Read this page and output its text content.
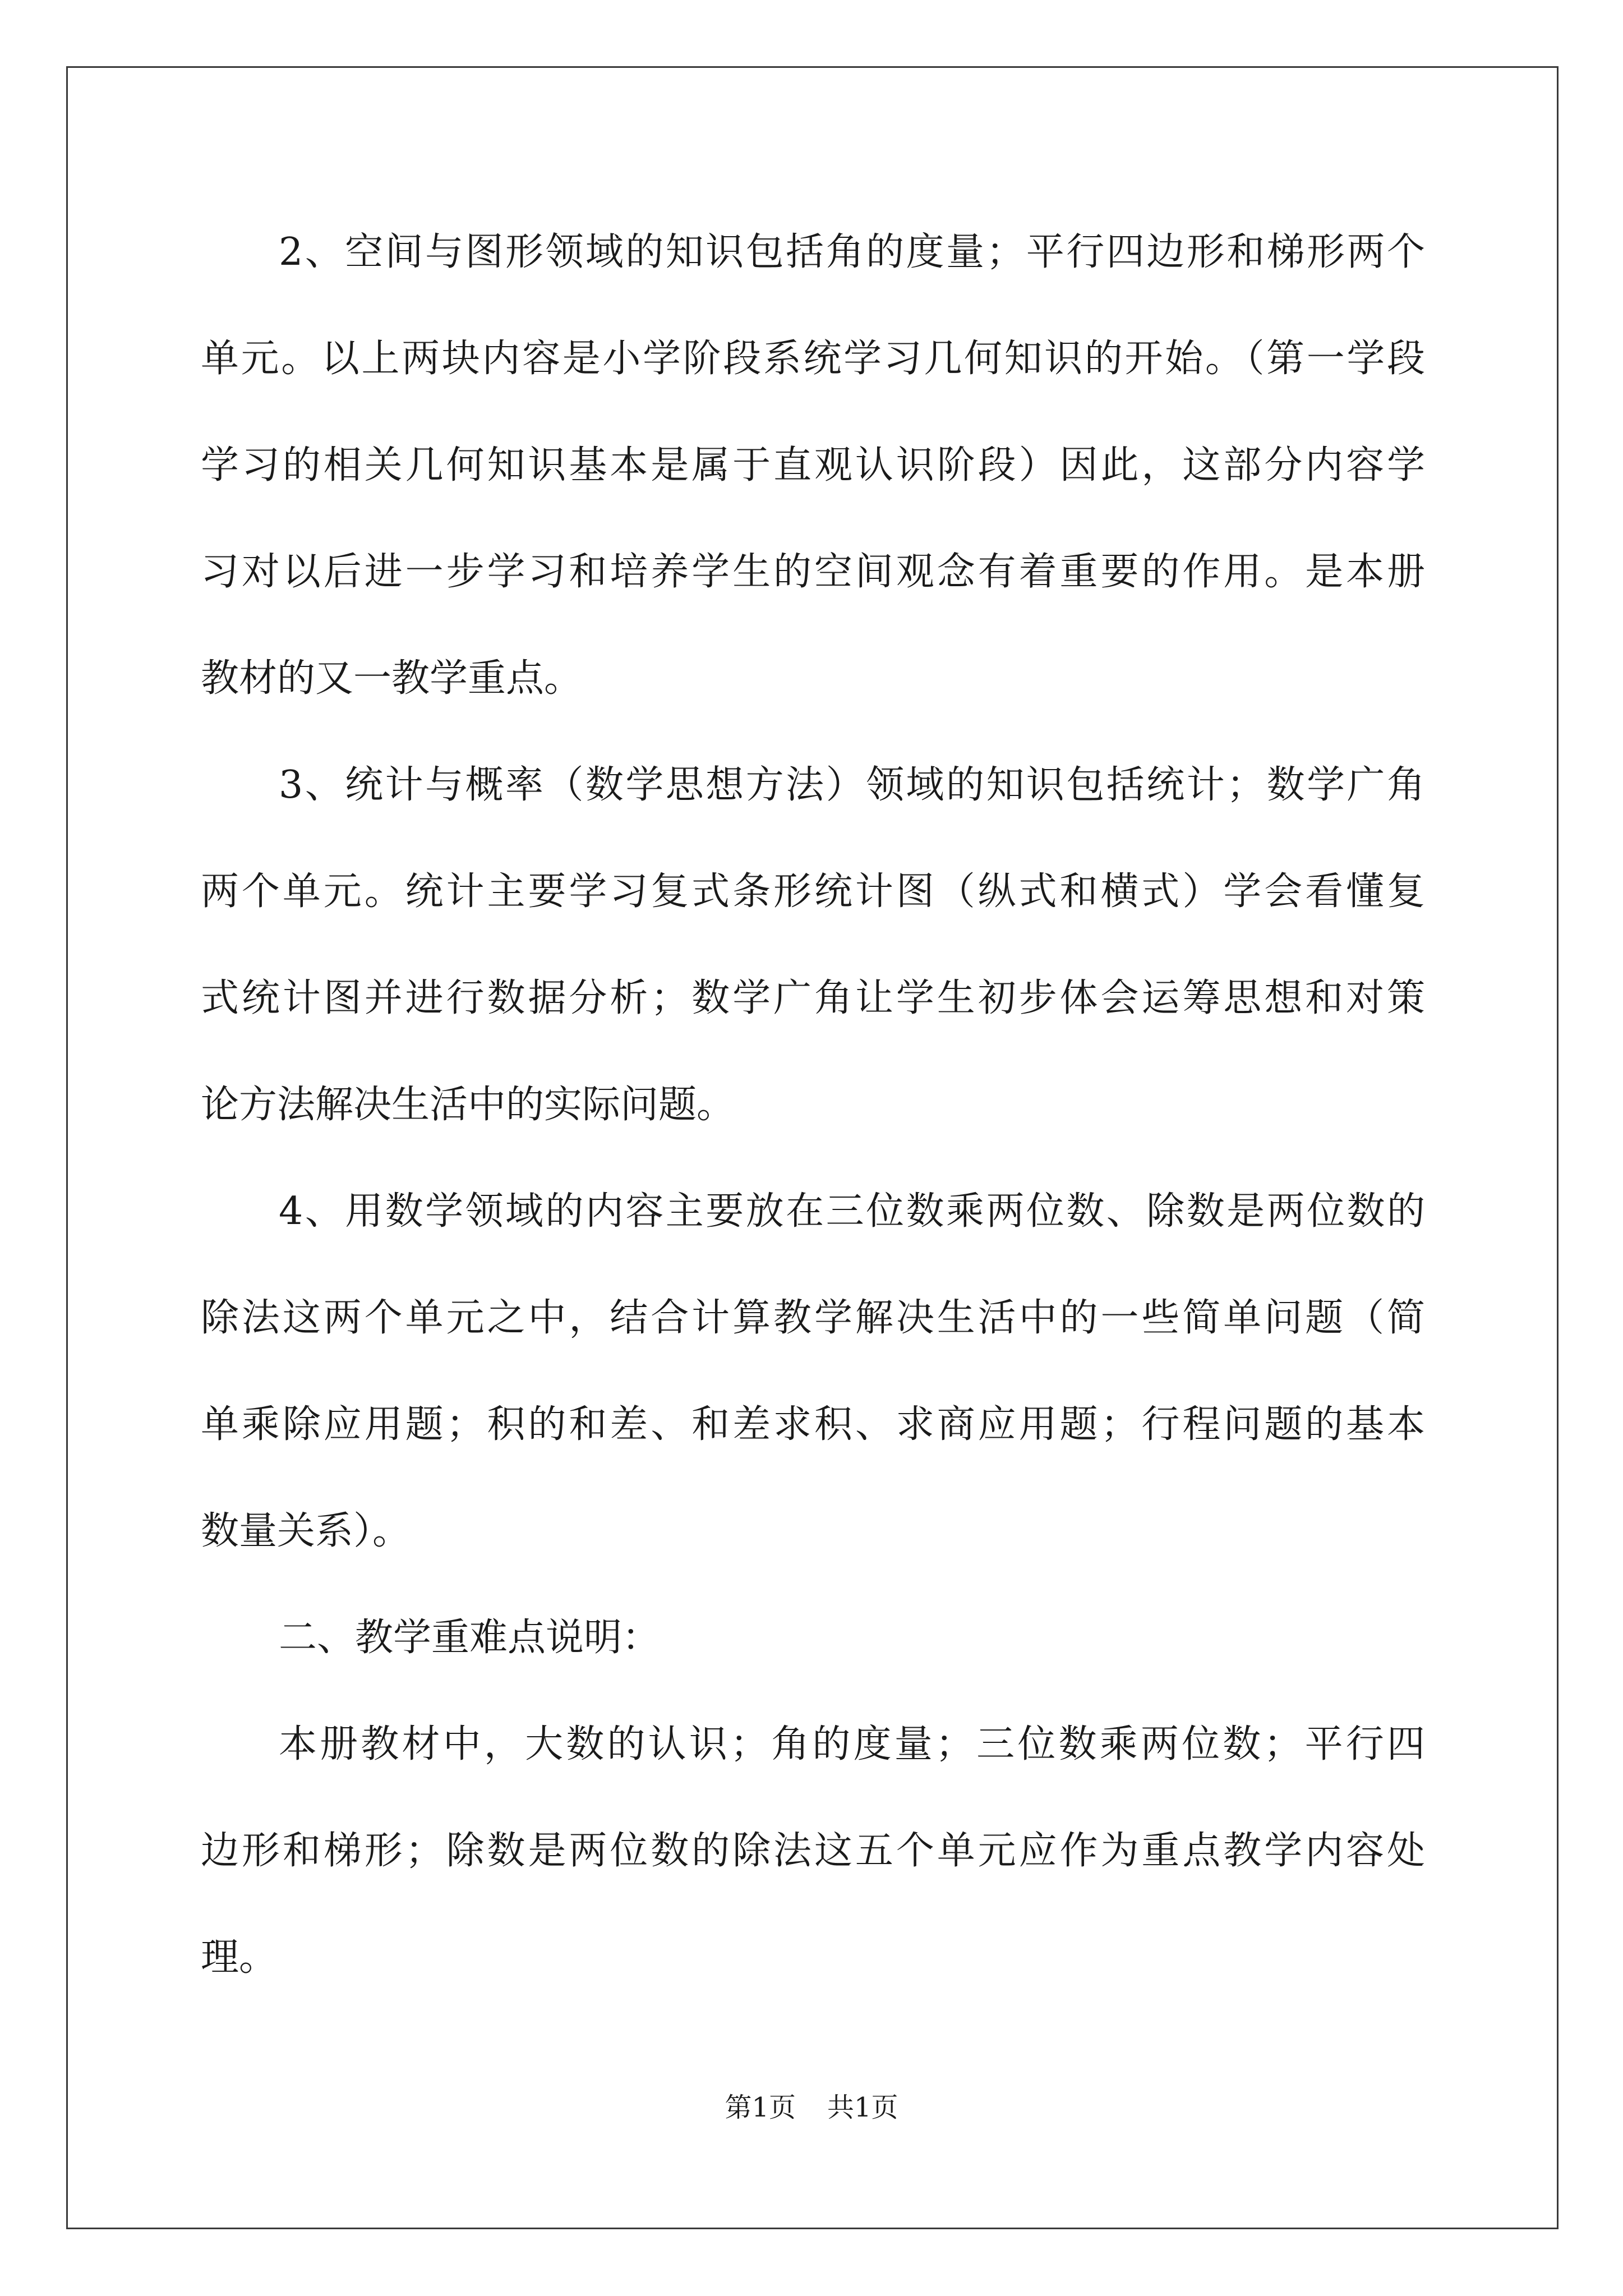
2、空间与图形领域的知识包括角的度量；平行四边形和梯形两个
单元。以上两块内容是小学阶段系统学习几何知识的开始。（第一学段
学习的相关几何知识基本是属于直观认识阶段）因此，这部分内容学
习对以后进一步学习和培养学生的空间观念有着重要的作用。是本册
教材的又一教学重点。
3、统计与概率（数学思想方法）领域的知识包括统计；数学广角
两个单元。统计主要学习复式条形统计图（纵式和横式）学会看懂复
式统计图并进行数据分析；数学广角让学生初步体会运筹思想和对策
论方法解决生活中的实际问题。
4、用数学领域的内容主要放在三位数乘两位数、除数是两位数的
除法这两个单元之中，结合计算教学解决生活中的一些简单问题（简
单乘除应用题；积的和差、和差求积、求商应用题；行程问题的基本
数量关系）。
二、教学重难点说明：
本册教材中，大数的认识；角的度量；三位数乘两位数；平行四
边形和梯形；除数是两位数的除法这五个单元应作为重点教学内容处
理。
第1页 共1页
